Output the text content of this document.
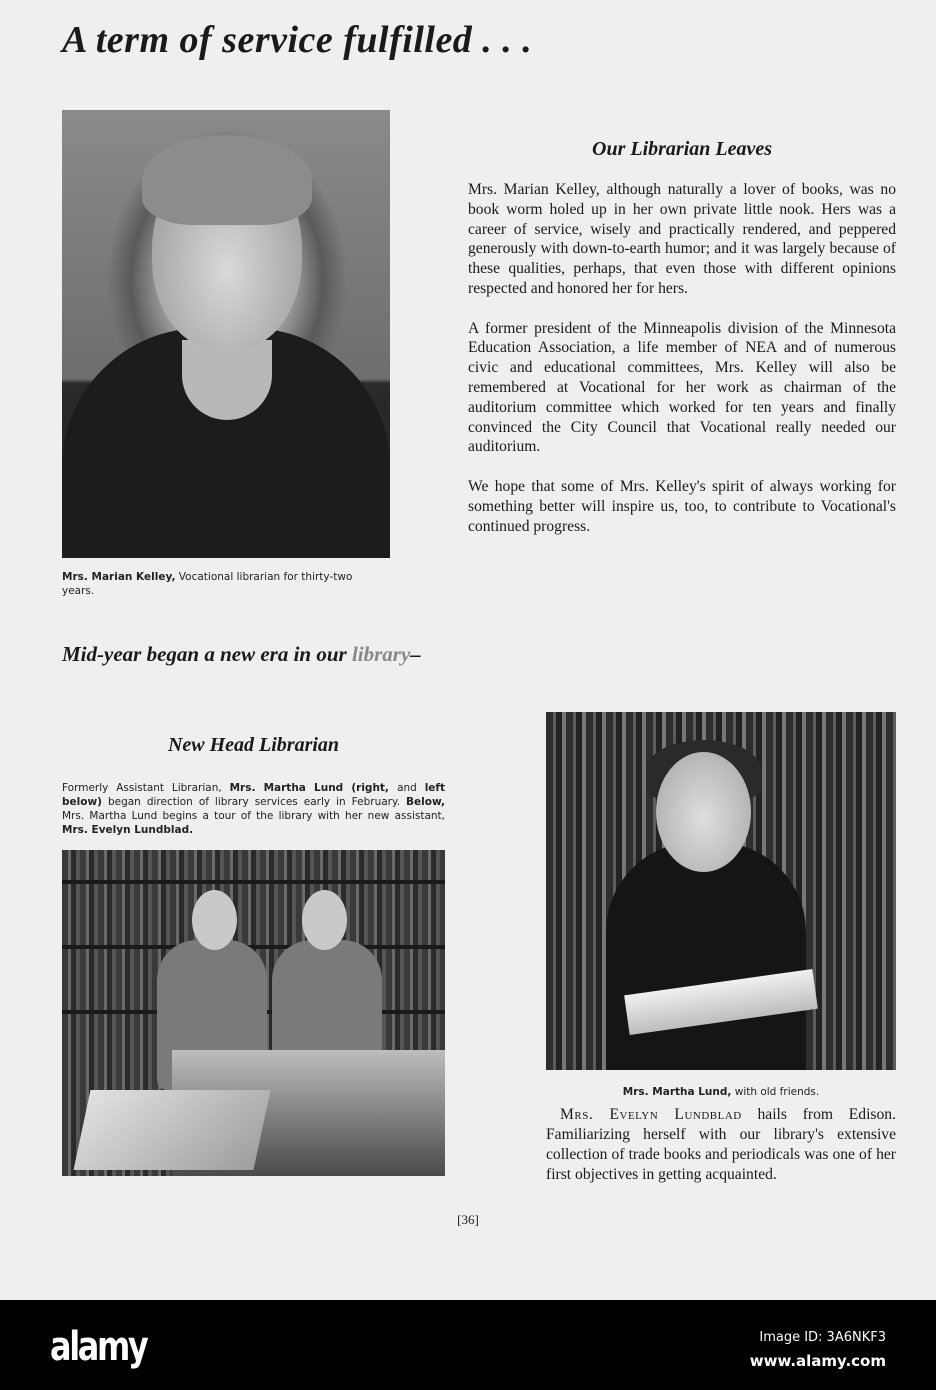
A term of service fulfilled . . .
Mrs. Marian Kelley, Vocational librarian for thirty-two years.
Our Librarian Leaves

Mrs. Marian Kelley, although naturally a lover of books, was no book worm holed up in her own private little nook. Hers was a career of service, wisely and practically rendered, and peppered generously with down-to-earth humor; and it was largely because of these qualities, perhaps, that even those with different opinions respected and honored her for hers.

A former president of the Minneapolis division of the Minnesota Education Association, a life member of NEA and of numerous civic and educational committees, Mrs. Kelley will also be remembered at Vocational for her work as chairman of the auditorium committee which worked for ten years and finally convinced the City Council that Vocational really needed our auditorium.

We hope that some of Mrs. Kelley's spirit of always working for something better will inspire us, too, to contribute to Vocational's continued progress.

Mid-year began a new era in our library–
New Head Librarian
Formerly Assistant Librarian, Mrs. Martha Lund (right, and left below) began direction of library services early in February. Below, Mrs. Martha Lund begins a tour of the library with her new assistant, Mrs. Evelyn Lundblad.
Mrs. Martha Lund, with old friends.
Mrs. Evelyn Lundblad hails from Edison. Familiarizing herself with our library's extensive collection of trade books and periodicals was one of her first objectives in getting acquainted.
[36]
alamy	Image ID: 3A6NKF3
www.alamy.com
